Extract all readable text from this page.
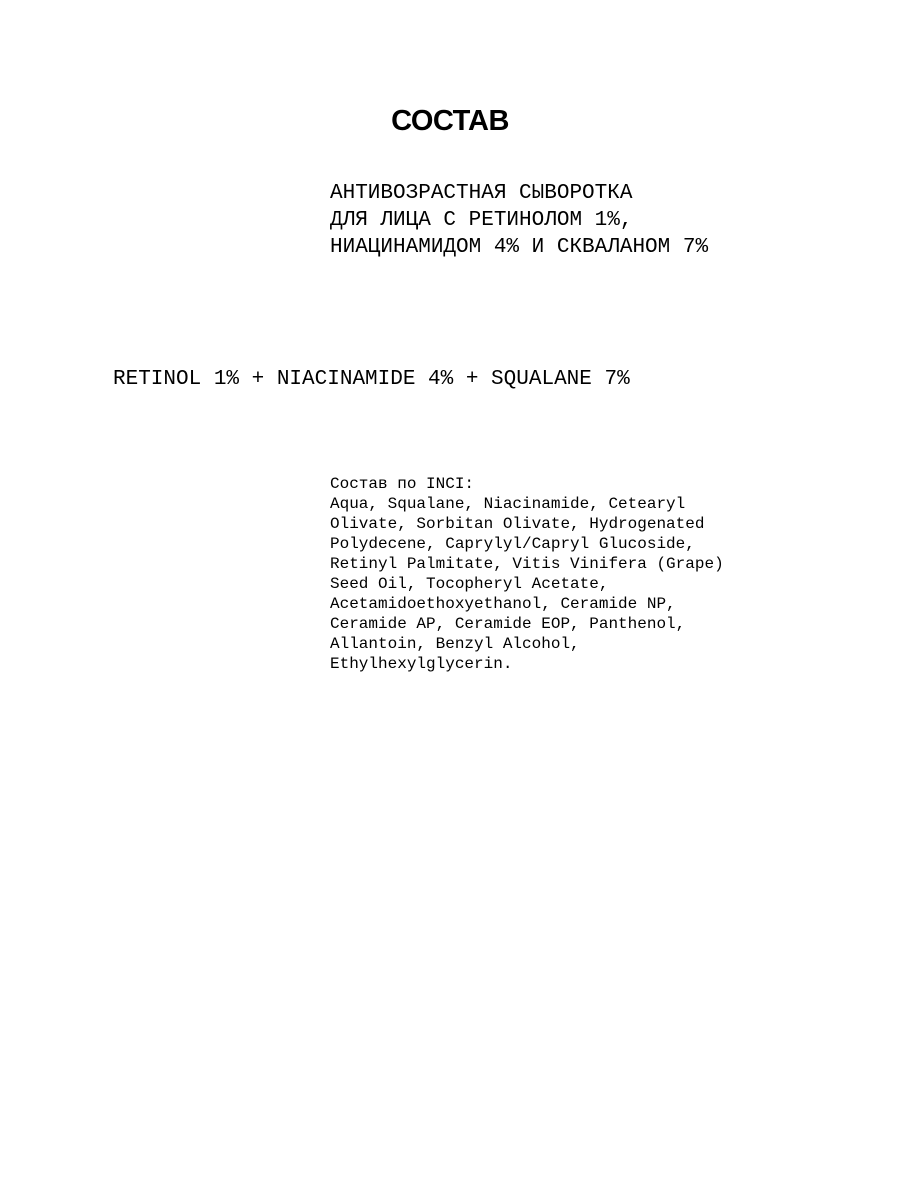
СОСТАВ
АНТИВОЗРАСТНАЯ СЫВОРОТКА
ДЛЯ ЛИЦА С РЕТИНОЛОМ 1%,
НИАЦИНАМИДОМ 4% И СКВАЛАНОМ 7%
RETINOL 1% + NIACINAMIDE 4% + SQUALANE 7%
Состав по INCI:
Aqua, Squalane, Niacinamide, Cetearyl
Olivate, Sorbitan Olivate, Hydrogenated
Polydecene, Caprylyl/Capryl Glucoside,
Retinyl Palmitate, Vitis Vinifera (Grape)
Seed Oil, Tocopheryl Acetate,
Acetamidoethoxyethanol, Ceramide NP,
Ceramide AP, Ceramide EOP, Panthenol,
Allantoin, Benzyl Alcohol,
Ethylhexylglycerin.
